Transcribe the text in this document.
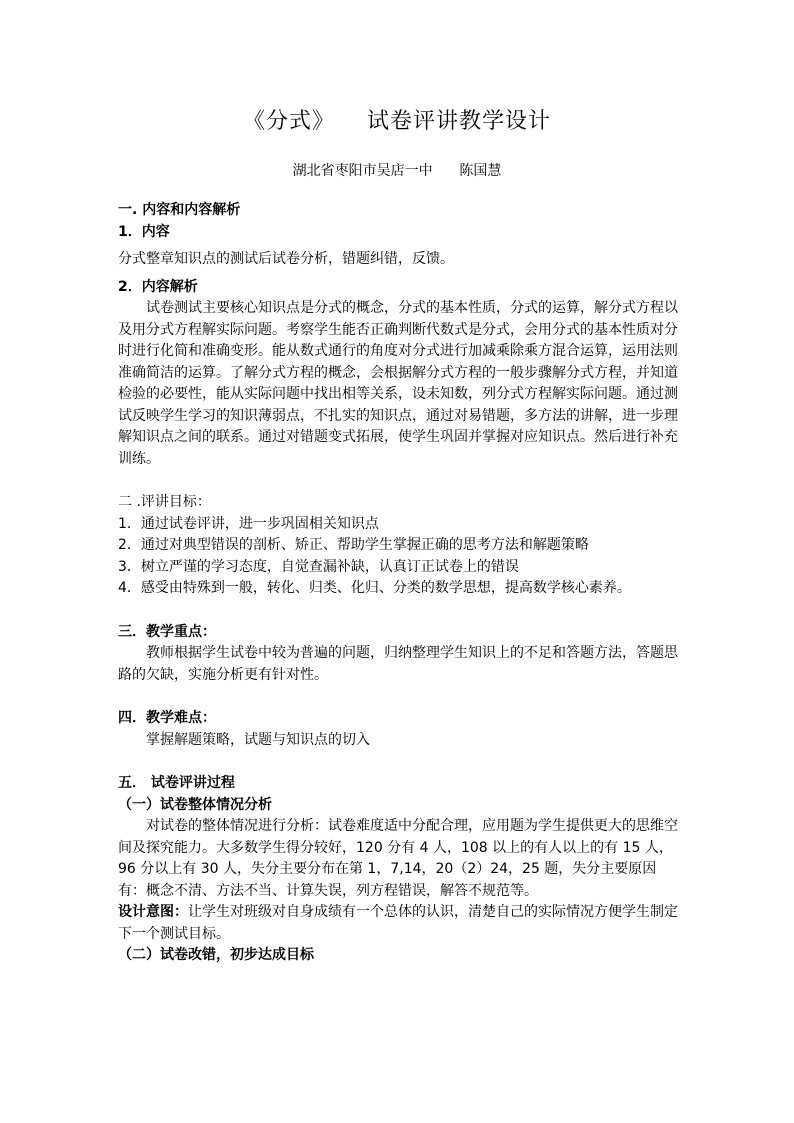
《分式》    试卷评讲教学设计
湖北省枣阳市吴店一中      陈国慧

一. 内容和内容解析

1．内容

分式整章知识点的测试后试卷分析，错题纠错，反馈。

2．内容解析

试卷测试主要核心知识点是分式的概念，分式的基本性质，分式的运算，解分式方程以及用分式方程解实际问题。考察学生能否正确判断代数式是分式，会用分式的基本性质对分时进行化简和准确变形。能从数式通行的角度对分式进行加减乘除乘方混合运算，运用法则准确简洁的运算。了解分式方程的概念，会根据解分式方程的一般步骤解分式方程，并知道检验的必要性，能从实际问题中找出相等关系，设未知数，列分式方程解实际问题。通过测试反映学生学习的知识薄弱点，不扎实的知识点，通过对易错题，多方法的讲解，进一步理解知识点之间的联系。通过对错题变式拓展，使学生巩固并掌握对应知识点。然后进行补充训练。

二 .评讲目标：

1．通过试卷评讲，进一步巩固相关知识点

2．通过对典型错误的剖析、矫正、帮助学生掌握正确的思考方法和解题策略

3．树立严谨的学习态度，自觉查漏补缺，认真订正试卷上的错误

4．感受由特殊到一般，转化、归类、化归、分类的数学思想，提高数学核心素养。

三．教学重点：

教师根据学生试卷中较为普遍的问题，归纳整理学生知识上的不足和答题方法，答题思路的欠缺，实施分析更有针对性。

四．教学难点：

掌握解题策略，试题与知识点的切入

五． 试卷评讲过程

（一）试卷整体情况分析

对试卷的整体情况进行分析：试卷难度适中分配合理，应用题为学生提供更大的思维空间及探究能力。大多数学生得分较好，120 分有 4 人，108 以上的有人以上的有 15 人，96 分以上有 30 人，失分主要分布在第 1，7,14，20（2）24，25 题，失分主要原因有：概念不清、方法不当、计算失误，列方程错误，解答不规范等。

设计意图：让学生对班级对自身成绩有一个总体的认识，清楚自己的实际情况方便学生制定下一个测试目标。

（二）试卷改错，初步达成目标
